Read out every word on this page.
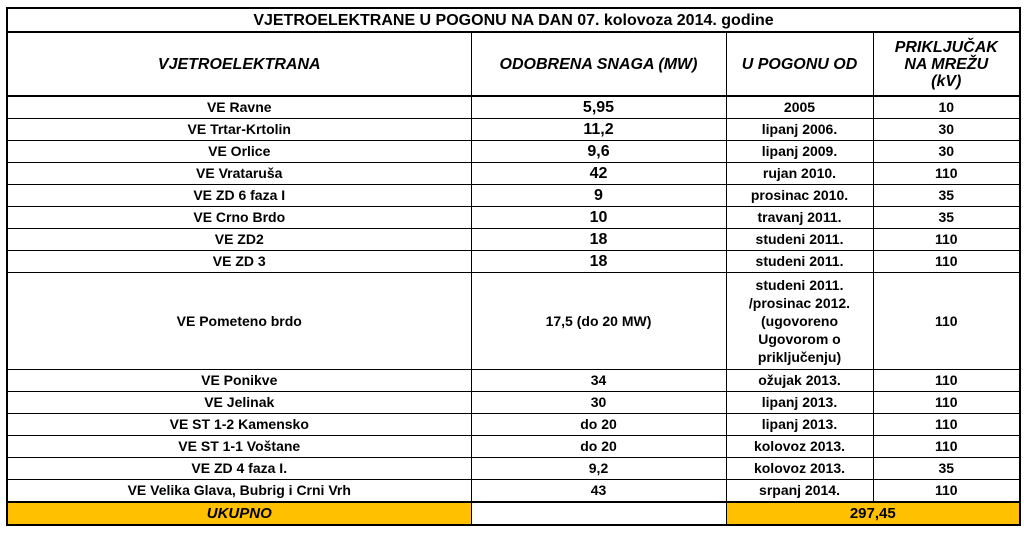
VJETROELEKTRANE U POGONU NA DAN 07. kolovoza 2014. godine			
VJETROELEKTRANA	ODOBRENA SNAGA (MW)	U POGONU OD	PRIKLJUČAK
NA MREŽU
(kV)

VE Ravne	5,95	2005	10
VE Trtar-Krtolin	11,2	lipanj 2006.	30
VE Orlice	9,6	lipanj 2009.	30
VE Vrataruša	42	rujan 2010.	110
VE ZD 6 faza I	9	prosinac 2010.	35
VE Crno Brdo	10	travanj 2011.	35
VE ZD2	18	studeni 2011.	110
VE ZD 3	18	studeni 2011.	110
VE Pometeno brdo	17,5 (do 20 MW)	studeni 2011.
/prosinac 2012.
(ugovoreno
Ugovorom o
priključenju)	110
VE Ponikve	34	ožujak 2013.	110
VE Jelinak	30	lipanj 2013.	110
VE ST 1-2 Kamensko	do 20	lipanj 2013.	110
VE ST 1-1 Voštane	do 20	kolovoz 2013.	110
VE ZD 4 faza I.	9,2	kolovoz 2013.	35
VE Velika Glava, Bubrig i Crni Vrh	43	srpanj 2014.	110
UKUPNO		297,45	
